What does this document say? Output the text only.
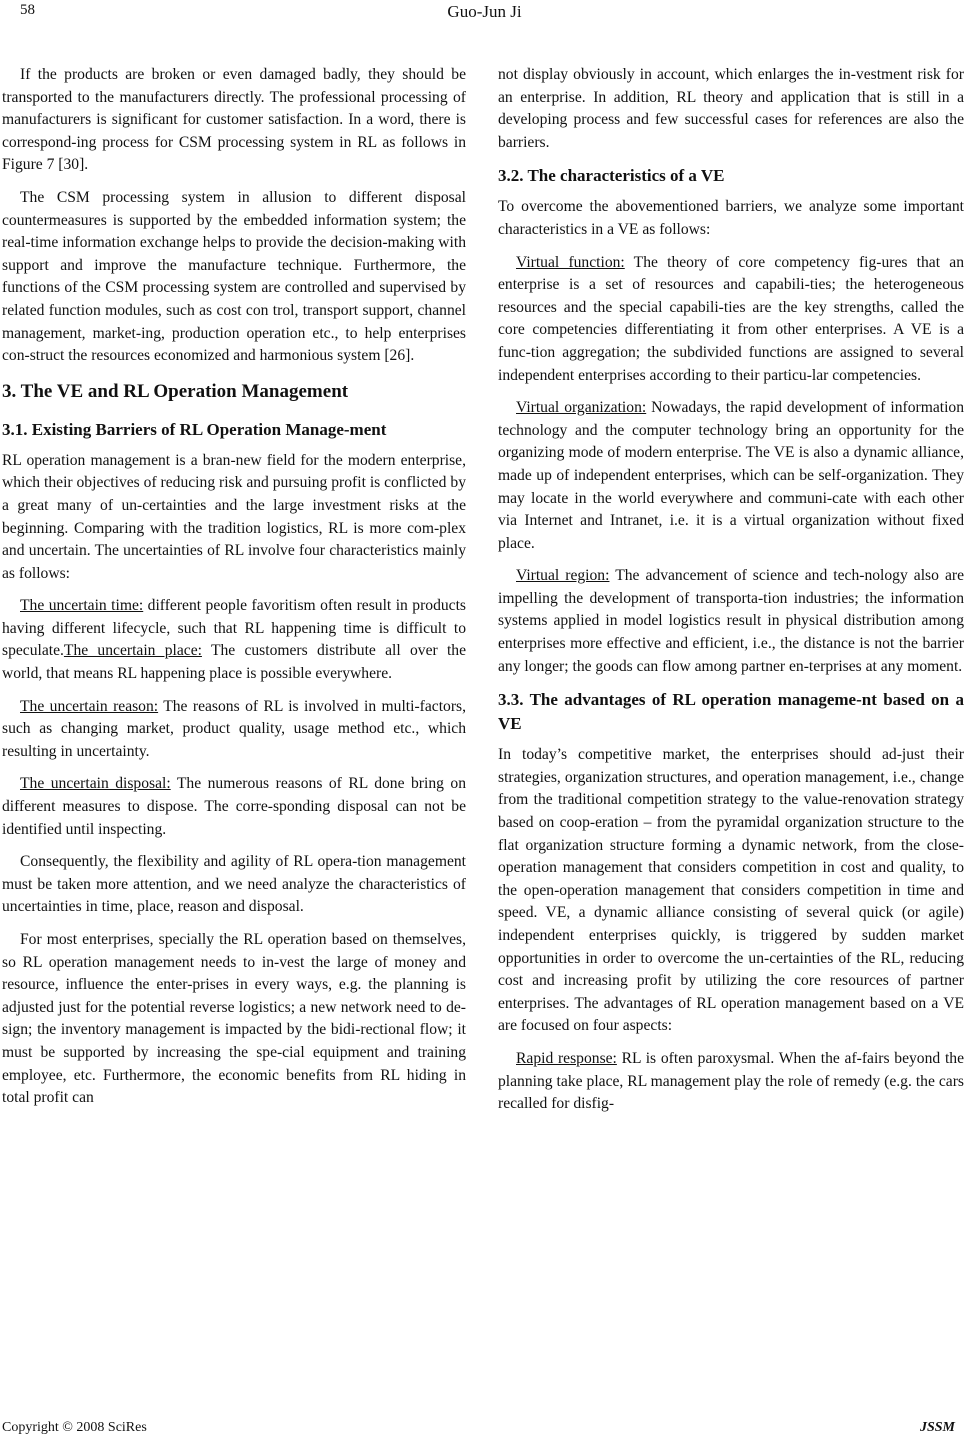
58	Guo-Jun Ji

If the products are broken or even damaged badly, they should be transported to the manufacturers directly. The professional processing of manufacturers is significant for customer satisfaction. In a word, there is correspond-ing process for CSM processing system in RL as follows in Figure 7 [30].

The CSM processing system in allusion to different disposal countermeasures is supported by the embedded information system; the real-time information exchange helps to provide the decision-making with support and improve the manufacture technique. Furthermore, the functions of the CSM processing system are controlled and supervised by related function modules, such as cost con trol, transport support, channel management, market-ing, production operation etc., to help enterprises con-struct the resources economized and harmonious system [26].

3. The VE and RL Operation Management
3.1. Existing Barriers of RL Operation Manage-ment

RL operation management is a bran-new field for the modern enterprise, which their objectives of reducing risk and pursuing profit is conflicted by a great many of un-certainties and the large investment risks at the beginning. Comparing with the tradition logistics, RL is more com-plex and uncertain. The uncertainties of RL involve four characteristics mainly as follows:

The uncertain time: different people favoritism often result in products having different lifecycle, such that RL happening time is difficult to speculate.The uncertain place: The customers distribute all over the world, that means RL happening place is possible everywhere.

The uncertain reason: The reasons of RL is involved in multi-factors, such as changing market, product quality, usage method etc., which resulting in uncertainty.

The uncertain disposal: The numerous reasons of RL done bring on different measures to dispose. The corre-sponding disposal can not be identified until inspecting.

Consequently, the flexibility and agility of RL opera-tion management must be taken more attention, and we need analyze the characteristics of uncertainties in time, place, reason and disposal.

For most enterprises, specially the RL operation based on themselves, so RL operation management needs to in-vest the large of money and resource, influence the enter-prises in every ways, e.g. the planning is adjusted just for the potential reverse logistics; a new network need to de-sign; the inventory management is impacted by the bidi-rectional flow; it must be supported by increasing the spe-cial equipment and training employee, etc. Furthermore, the economic benefits from RL hiding in total profit can

not display obviously in account, which enlarges the in-vestment risk for an enterprise. In addition, RL theory and application that is still in a developing process and few successful cases for references are also the barriers.

3.2. The characteristics of a VE

To overcome the abovementioned barriers, we analyze some important characteristics in a VE as follows:

Virtual function: The theory of core competency fig-ures that an enterprise is a set of resources and capabili-ties; the heterogeneous resources and the special capabili-ties are the key strengths, called the core competencies differentiating it from other enterprises. A VE is a func-tion aggregation; the subdivided functions are assigned to several independent enterprises according to their particu-lar competencies.

Virtual organization: Nowadays, the rapid development of information technology and the computer technology bring an opportunity for the organizing mode of modern enterprise. The VE is also a dynamic alliance, made up of independent enterprises, which can be self-organization. They may locate in the world everywhere and communi-cate with each other via Internet and Intranet, i.e. it is a virtual organization without fixed place.

Virtual region: The advancement of science and tech-nology also are impelling the development of transporta-tion industries; the information systems applied in model logistics result in physical distribution among enterprises more effective and efficient, i.e., the distance is not the barrier any longer; the goods can flow among partner en-terprises at any moment.

3.3. The advantages of RL operation manageme-nt based on a VE

In today’s competitive market, the enterprises should ad-just their strategies, organization structures, and operation management, i.e., change from the traditional competition strategy to the value-renovation strategy based on coop-eration – from the pyramidal organization structure to the flat organization structure forming a dynamic network, from the close-operation management that considers competition in cost and quality, to the open-operation management that considers competition in time and speed. VE, a dynamic alliance consisting of several quick (or agile) independent enterprises quickly, is triggered by sudden market opportunities in order to overcome the un-certainties of the RL, reducing cost and increasing profit by utilizing the core resources of partner enterprises. The advantages of RL operation management based on a VE are focused on four aspects:

Rapid response: RL is often paroxysmal. When the af-fairs beyond the planning take place, RL management play the role of remedy (e.g. the cars recalled for disfig-

Copyright © 2008 SciRes	JSSM
